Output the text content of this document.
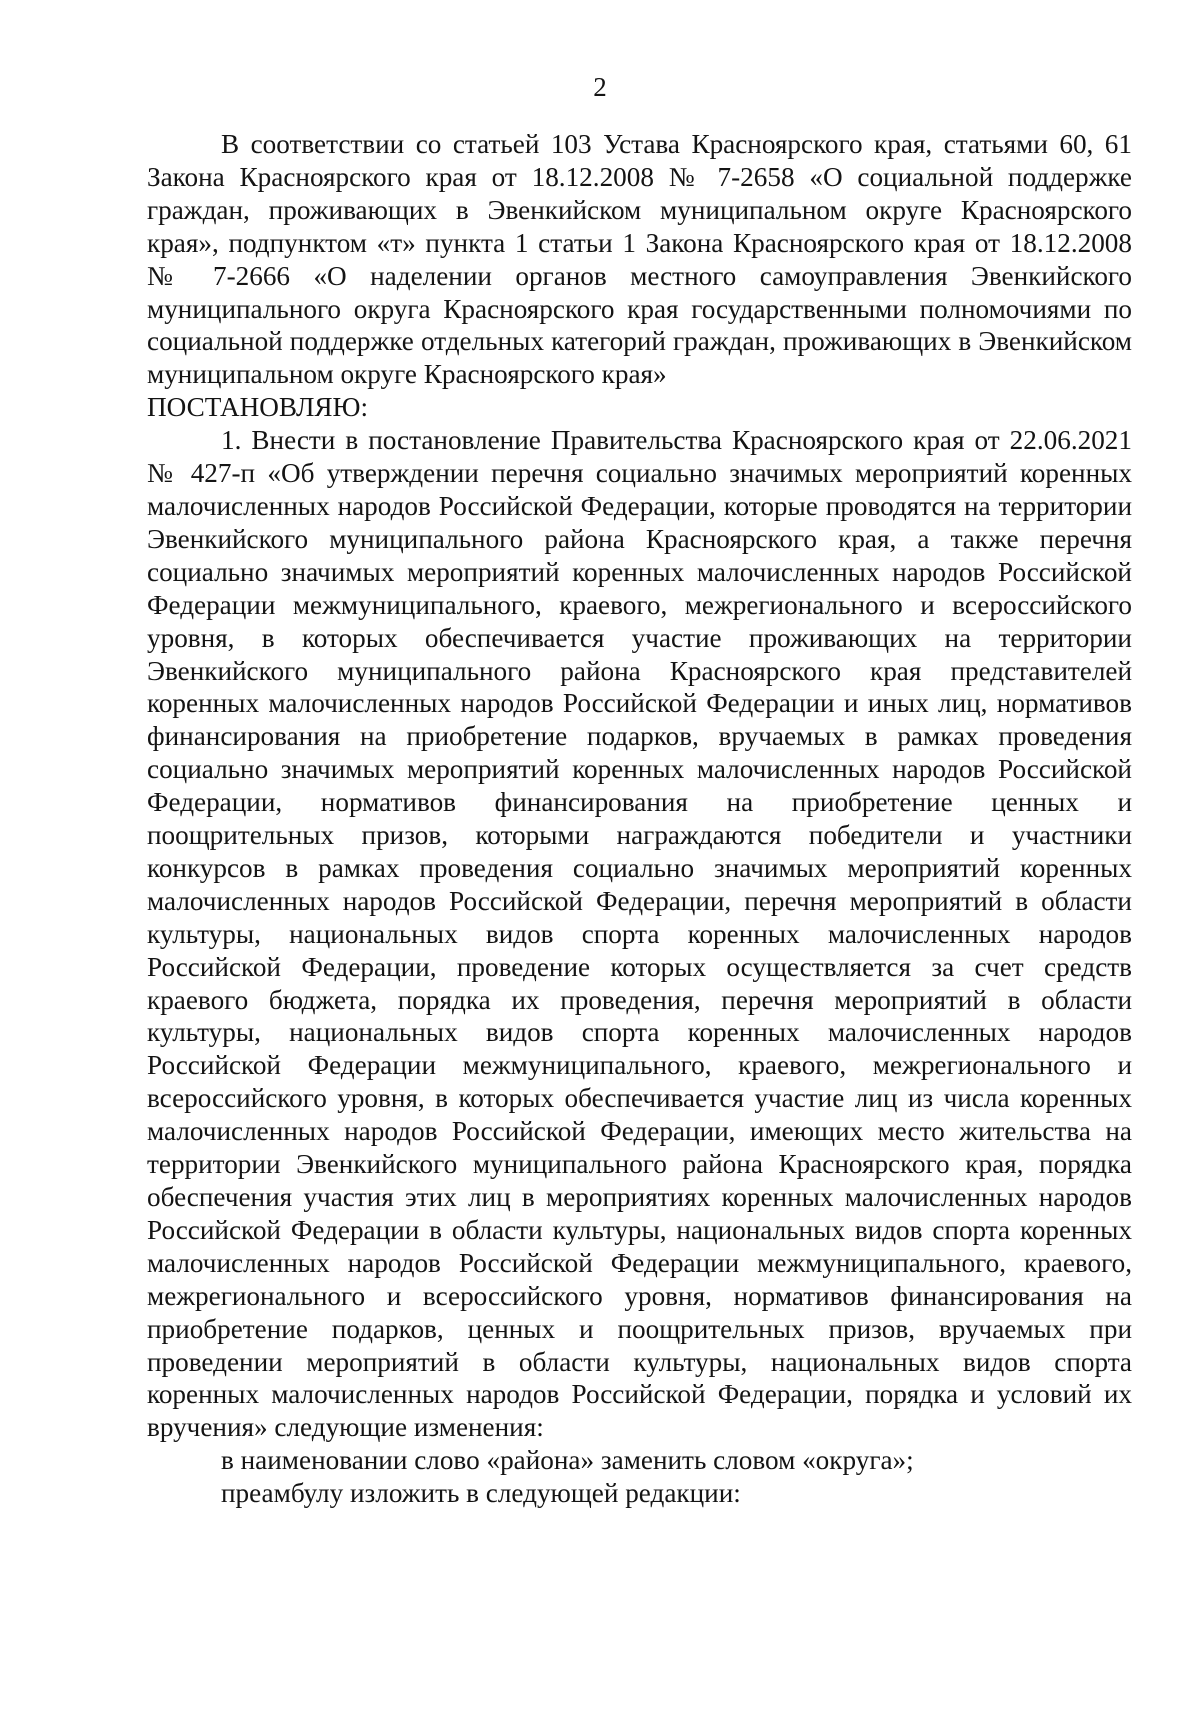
2

В соответствии со статьей 103 Устава Красноярского края, статьями 60, 61 Закона Красноярского края от 18.12.2008 № 7-2658 «О социальной поддержке граждан, проживающих в Эвенкийском муниципальном округе Красноярского края», подпунктом «т» пункта 1 статьи 1 Закона Красноярского края от 18.12.2008 № 7-2666 «О наделении органов местного самоуправления Эвенкийского муниципального округа Красноярского края государственными полномочиями по социальной поддержке отдельных категорий граждан, проживающих в Эвенкийском муниципальном округе Красноярского края»

ПОСТАНОВЛЯЮ:

1. Внести в постановление Правительства Красноярского края от 22.06.2021 № 427-п «Об утверждении перечня социально значимых мероприятий коренных малочисленных народов Российской Федерации, которые проводятся на территории Эвенкийского муниципального района Красноярского края, а также перечня социально значимых мероприятий коренных малочисленных народов Российской Федерации межмуниципального, краевого, межрегионального и всероссийского уровня, в которых обеспечивается участие проживающих на территории Эвенкийского муниципального района Красноярского края представителей коренных малочисленных народов Российской Федерации и иных лиц, нормативов финансирования на приобретение подарков, вручаемых в рамках проведения социально значимых мероприятий коренных малочисленных народов Российской Федерации, нормативов финансирования на приобретение ценных и поощрительных призов, которыми награждаются победители и участники конкурсов в рамках проведения социально значимых мероприятий коренных малочисленных народов Российской Федерации, перечня мероприятий в области культуры, национальных видов спорта коренных малочисленных народов Российской Федерации, проведение которых осуществляется за счет средств краевого бюджета, порядка их проведения, перечня мероприятий в области культуры, национальных видов спорта коренных малочисленных народов Российской Федерации межмуниципального, краевого, межрегионального и всероссийского уровня, в которых обеспечивается участие лиц из числа коренных малочисленных народов Российской Федерации, имеющих место жительства на территории Эвенкийского муниципального района Красноярского края, порядка обеспечения участия этих лиц в мероприятиях коренных малочисленных народов Российской Федерации в области культуры, национальных видов спорта коренных малочисленных народов Российской Федерации межмуниципального, краевого, межрегионального и всероссийского уровня, нормативов финансирования на приобретение подарков, ценных и поощрительных призов, вручаемых при проведении мероприятий в области культуры, национальных видов спорта коренных малочисленных народов Российской Федерации, порядка и условий их вручения» следующие изменения:

в наименовании слово «района» заменить словом «округа»;

преамбулу изложить в следующей редакции:
